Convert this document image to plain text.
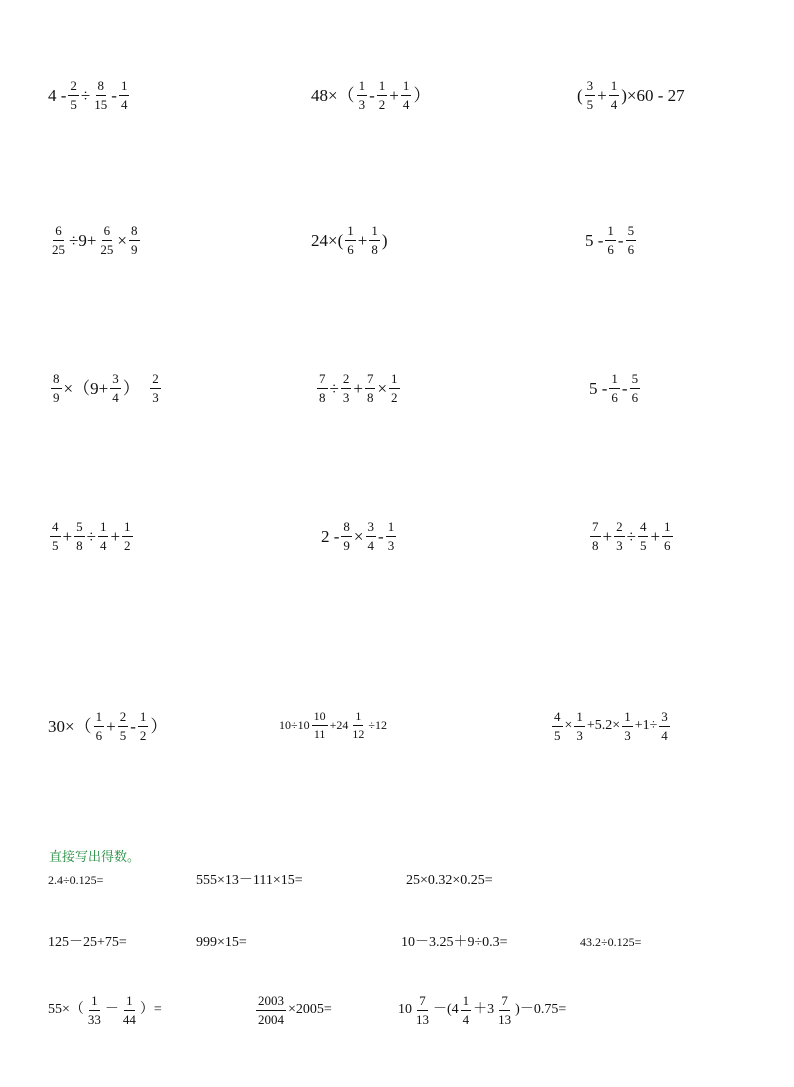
$4 - \frac{2}{5} \div \frac{8}{15} - \frac{1}{4}$	$48\times( \frac{1}{3} - \frac{1}{2} + \frac{1}{4}$ ）	( $\frac{3}{5} + \frac{1}{4} )\times 60 - 27$
$\frac{6}{25} \div 9+ \frac{6}{25} \times \frac{8}{9}$	$24\times( \frac{1}{6} + \frac{1}{8}$ )	$5 - \frac{1}{6} - \frac{5}{6}$
$\frac{8}{9} \times(9+ \frac{3}{4}$ ）　 $\frac{2}{3}$	$\frac{7}{8} \div \frac{2}{3} + \frac{7}{8} \times \frac{1}{2}$	$5 - \frac{1}{6} - \frac{5}{6}$
$\frac{4}{5} + \frac{5}{8} \div \frac{1}{4} + \frac{1}{2}$	$2 - \frac{8}{9} \times \frac{3}{4} - \frac{1}{3}$	$\frac{7}{8} + \frac{2}{3} \div \frac{4}{5} + \frac{1}{6}$
$30\times( \frac{1}{6} + \frac{2}{5} - \frac{1}{2}$ ）	$10\div 10 \frac{10}{11} +24 \frac{1}{12} \div 12$	$\frac{4}{5} \times \frac{1}{3} +5.2\times \frac{1}{3} +1\div \frac{3}{4}$
直接写出得数。
2.4÷0.125=	555×13－111×15=	25×0.32×0.25=
125－25+75=	999×15=	10－3.25＋9÷0.3=	43.2÷0.125=
$55\times( \frac{1}{33} - \frac{1}{44}$ ）=	$\frac{2003}{2004} \times 2005=$	$10 \frac{7}{13} -(4 \frac{1}{4} +3 \frac{7}{13} )-0.75=$
